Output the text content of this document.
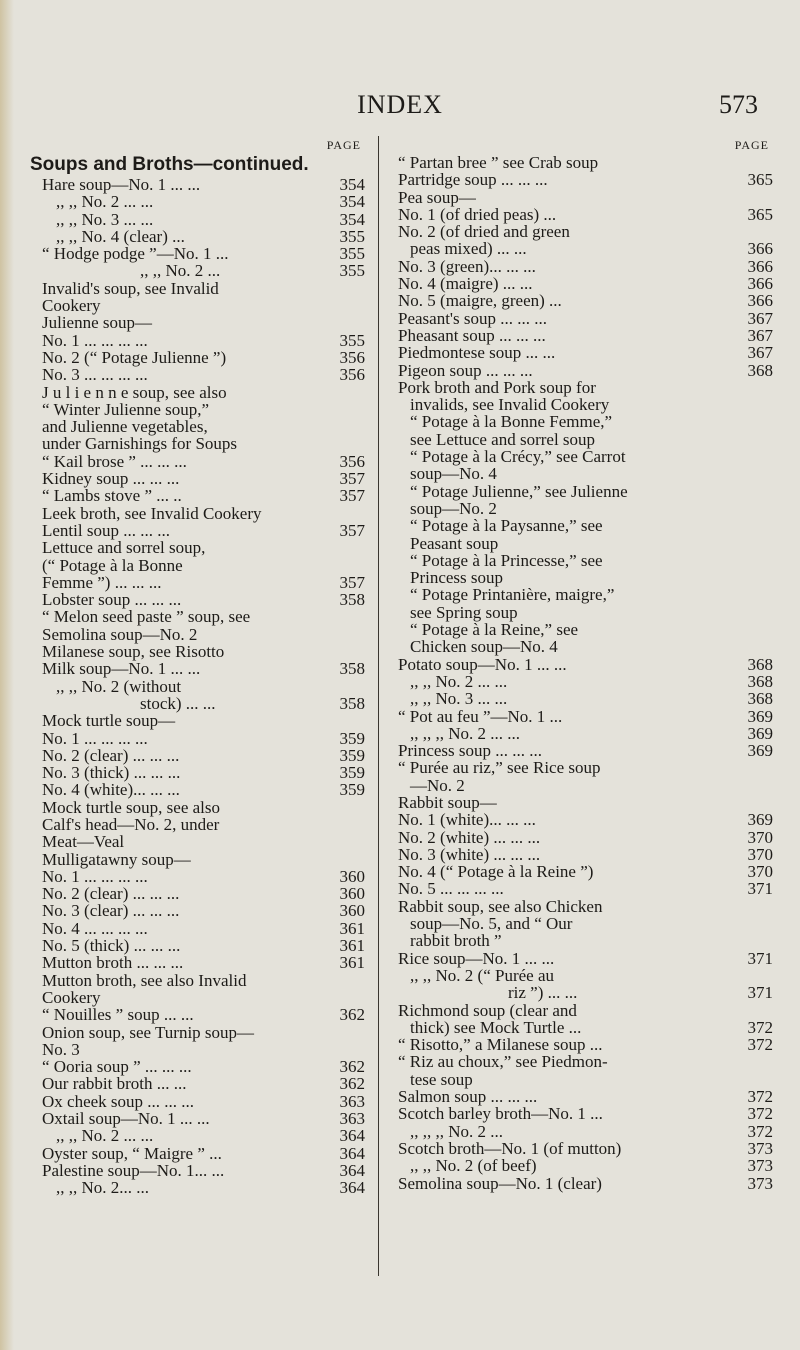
INDEX	573
PAGE
Soups and Broths—continued.
Hare soup—No. 1 ... ...	354
,, ,, No. 2 ... ...	354
,, ,, No. 3 ... ...	354
,, ,, No. 4 (clear) ...	355
“ Hodge podge ”—No. 1 ...	355
,, ,, No. 2 ...	355
Invalid's soup, see Invalid
Cookery
Julienne soup—
No. 1 ... ... ... ...	355
No. 2 (“ Potage Julienne ”)	356
No. 3 ... ... ... ...	356
J u l i e n n e soup, see also
“ Winter Julienne soup,”
and Julienne vegetables,
under Garnishings for Soups
“ Kail brose ” ... ... ...	356
Kidney soup ... ... ...	357
“ Lambs stove ” ... ..	357
Leek broth, see Invalid Cookery
Lentil soup ... ... ...	357
Lettuce and sorrel soup,
(“ Potage à la Bonne
Femme ”) ... ... ...	357
Lobster soup ... ... ...	358
“ Melon seed paste ” soup, see
Semolina soup—No. 2
Milanese soup, see Risotto
Milk soup—No. 1 ... ...	358
,, ,, No. 2 (without
stock) ... ...	358
Mock turtle soup—
No. 1 ... ... ... ...	359
No. 2 (clear) ... ... ...	359
No. 3 (thick) ... ... ...	359
No. 4 (white)... ... ...	359
Mock turtle soup, see also
Calf's head—No. 2, under
Meat—Veal
Mulligatawny soup—
No. 1 ... ... ... ...	360
No. 2 (clear) ... ... ...	360
No. 3 (clear) ... ... ...	360
No. 4 ... ... ... ...	361
No. 5 (thick) ... ... ...	361
Mutton broth ... ... ...	361
Mutton broth, see also Invalid
Cookery
“ Nouilles ” soup ... ...	362
Onion soup, see Turnip soup—
No. 3
“ Ooria soup ” ... ... ...	362
Our rabbit broth ... ...	362
Ox cheek soup ... ... ...	363
Oxtail soup—No. 1 ... ...	363
,, ,, No. 2 ... ...	364
Oyster soup, “ Maigre ” ...	364
Palestine soup—No. 1... ...	364
,, ,, No. 2... ...	364
PAGE
“ Partan bree ” see Crab soup
Partridge soup ... ... ...	365
Pea soup—
No. 1 (of dried peas) ...	365
No. 2 (of dried and green
peas mixed) ... ...	366
No. 3 (green)... ... ...	366
No. 4 (maigre) ... ...	366
No. 5 (maigre, green) ...	366
Peasant's soup ... ... ...	367
Pheasant soup ... ... ...	367
Piedmontese soup ... ...	367
Pigeon soup ... ... ...	368
Pork broth and Pork soup for
invalids, see Invalid Cookery
“ Potage à la Bonne Femme,”
see Lettuce and sorrel soup
“ Potage à la Crécy,” see Carrot
soup—No. 4
“ Potage Julienne,” see Julienne
soup—No. 2
“ Potage à la Paysanne,” see
Peasant soup
“ Potage à la Princesse,” see
Princess soup
“ Potage Printanière, maigre,”
see Spring soup
“ Potage à la Reine,” see
Chicken soup—No. 4
Potato soup—No. 1 ... ...	368
,, ,, No. 2 ... ...	368
,, ,, No. 3 ... ...	368
“ Pot au feu ”—No. 1 ...	369
,, ,, ,, No. 2 ... ...	369
Princess soup ... ... ...	369
“ Purée au riz,” see Rice soup
—No. 2
Rabbit soup—
No. 1 (white)... ... ...	369
No. 2 (white) ... ... ...	370
No. 3 (white) ... ... ...	370
No. 4 (“ Potage à la Reine ”)	370
No. 5 ... ... ... ...	371
Rabbit soup, see also Chicken
soup—No. 5, and “ Our
rabbit broth ”
Rice soup—No. 1 ... ...	371
,, ,, No. 2 (“ Purée au
riz ”) ... ...	371
Richmond soup (clear and
thick) see Mock Turtle ...	372
“ Risotto,” a Milanese soup ...	372
“ Riz au choux,” see Piedmon-
tese soup
Salmon soup ... ... ...	372
Scotch barley broth—No. 1 ...	372
,, ,, ,, No. 2 ...	372
Scotch broth—No. 1 (of mutton)	373
,, ,, No. 2 (of beef)	373
Semolina soup—No. 1 (clear)	373
